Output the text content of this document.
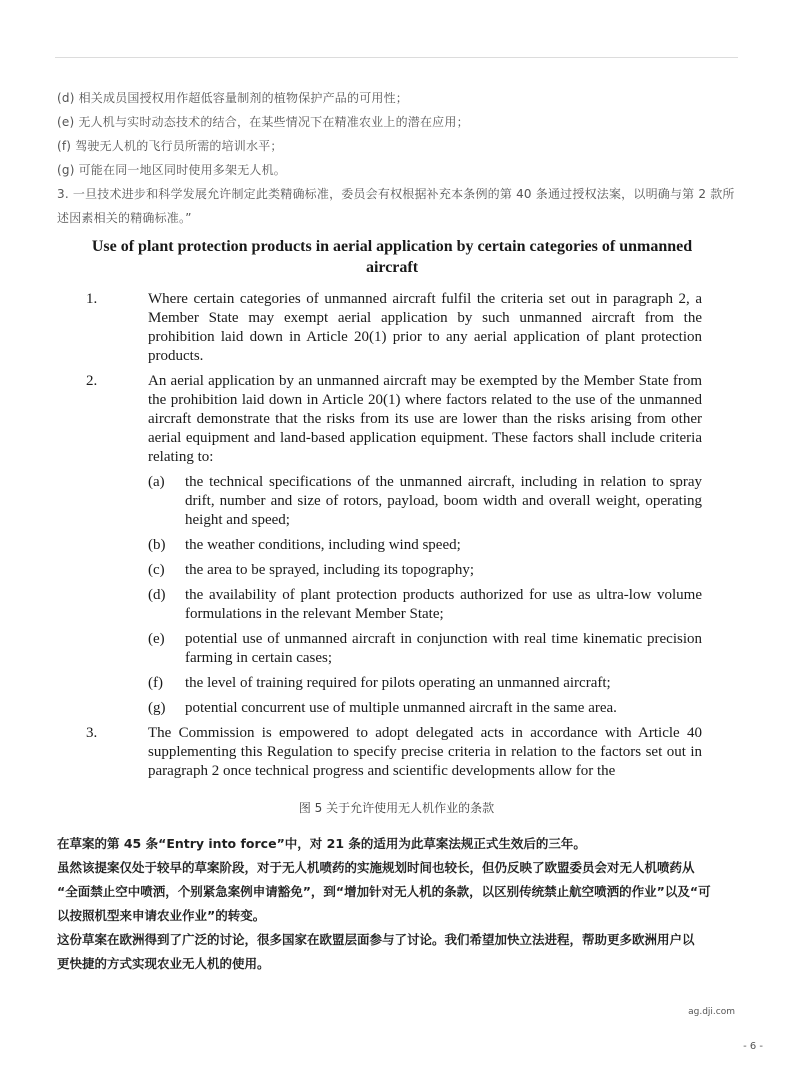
(d) 相关成员国授权用作超低容量制剂的植物保护产品的可用性；
(e) 无人机与实时动态技术的结合，在某些情况下在精准农业上的潜在应用；
(f) 驾驶无人机的飞行员所需的培训水平；
(g) 可能在同一地区同时使用多架无人机。
3. 一旦技术进步和科学发展允许制定此类精确标准，委员会有权根据补充本条例的第 40 条通过授权法案，以明确与第 2 款所述因素相关的精确标准。”
Use of plant protection products in aerial application by certain categories of unmanned aircraft
1.	Where certain categories of unmanned aircraft fulfil the criteria set out in paragraph 2, a Member State may exempt aerial application by such unmanned aircraft from the prohibition laid down in Article 20(1) prior to any aerial application of plant protection products.
2.	An aerial application by an unmanned aircraft may be exempted by the Member State from the prohibition laid down in Article 20(1) where factors related to the use of the unmanned aircraft demonstrate that the risks from its use are lower than the risks arising from other aerial equipment and land-based application equipment. These factors shall include criteria relating to:
(a)	the technical specifications of the unmanned aircraft, including in relation to spray drift, number and size of rotors, payload, boom width and overall weight, operating height and speed;
(b)	the weather conditions, including wind speed;
(c)	the area to be sprayed, including its topography;
(d)	the availability of plant protection products authorized for use as ultra-low volume formulations in the relevant Member State;
(e)	potential use of unmanned aircraft in conjunction with real time kinematic precision farming in certain cases;
(f)	the level of training required for pilots operating an unmanned aircraft;
(g)	potential concurrent use of multiple unmanned aircraft in the same area.
3.	The Commission is empowered to adopt delegated acts in accordance with Article 40 supplementing this Regulation to specify precise criteria in relation to the factors set out in paragraph 2 once technical progress and scientific developments allow for the
图 5 关于允许使用无人机作业的条款
在草案的第 45 条“Entry into force”中，对 21 条的适用为此草案法规正式生效后的三年。
虽然该提案仅处于较早的草案阶段，对于无人机喷药的实施规划时间也较长，但仍反映了欧盟委员会对无人机喷药从
“全面禁止空中喷洒，个别紧急案例申请豁免”，到“增加针对无人机的条款，以区别传统禁止航空喷洒的作业”以及“可
以按照机型来申请农业作业”的转变。
这份草案在欧洲得到了广泛的讨论，很多国家在欧盟层面参与了讨论。我们希望加快立法进程，帮助更多欧洲用户以
更快捷的方式实现农业无人机的使用。
ag.dji.com
- 6 -
